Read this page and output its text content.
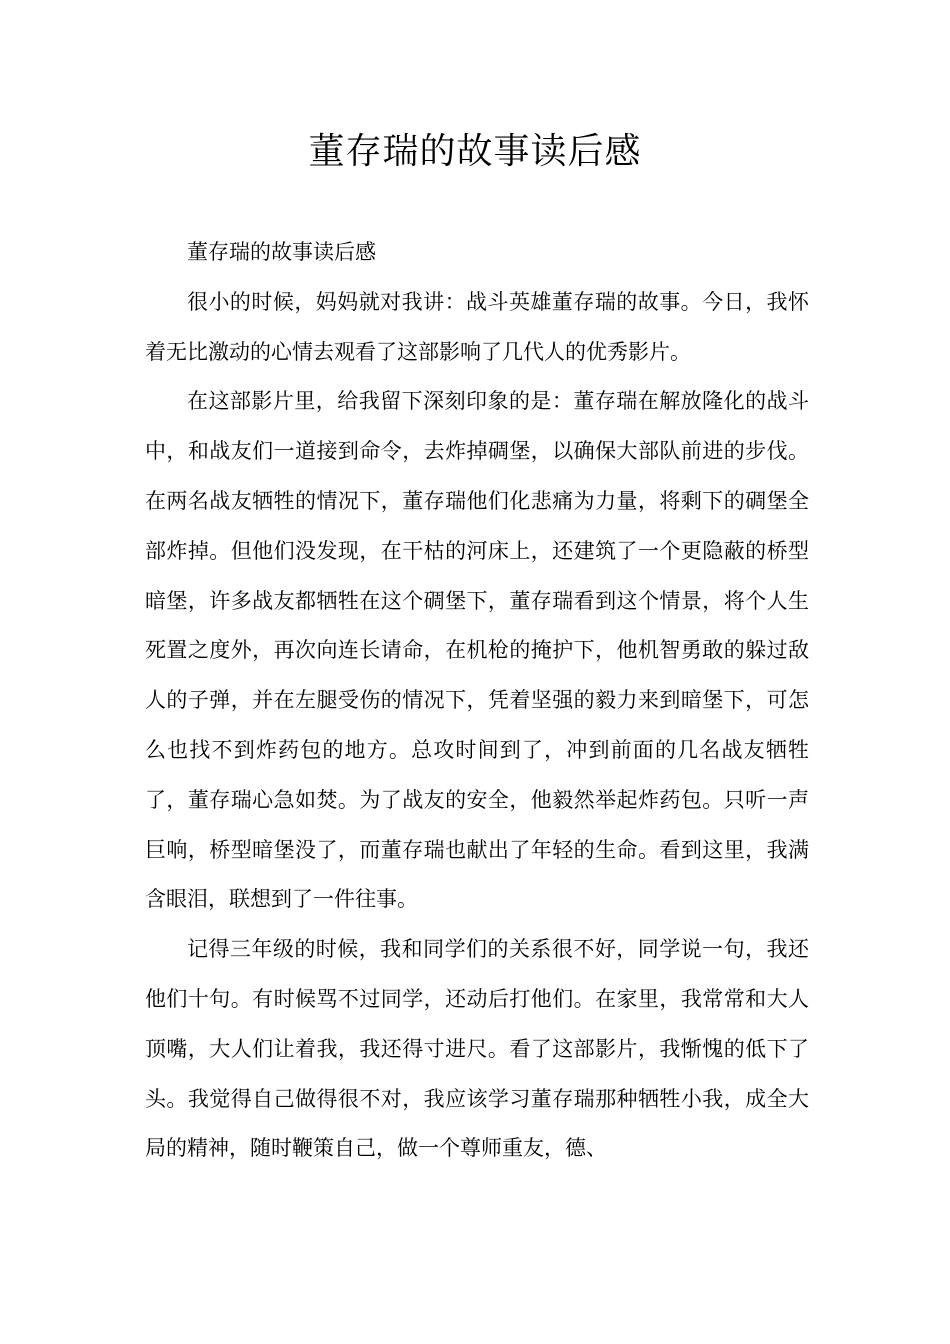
董存瑞的故事读后感

董存瑞的故事读后感

很小的时候，妈妈就对我讲：战斗英雄董存瑞的故事。今日，我怀着无比激动的心情去观看了这部影响了几代人的优秀影片。

在这部影片里，给我留下深刻印象的是：董存瑞在解放隆化的战斗中，和战友们一道接到命令，去炸掉碉堡，以确保大部队前进的步伐。在两名战友牺牲的情况下，董存瑞他们化悲痛为力量，将剩下的碉堡全部炸掉。但他们没发现，在干枯的河床上，还建筑了一个更隐蔽的桥型暗堡，许多战友都牺牲在这个碉堡下，董存瑞看到这个情景，将个人生死置之度外，再次向连长请命，在机枪的掩护下，他机智勇敢的躲过敌人的子弹，并在左腿受伤的情况下，凭着坚强的毅力来到暗堡下，可怎么也找不到炸药包的地方。总攻时间到了，冲到前面的几名战友牺牲了，董存瑞心急如焚。为了战友的安全，他毅然举起炸药包。只听一声巨响，桥型暗堡没了，而董存瑞也献出了年轻的生命。看到这里，我满含眼泪，联想到了一件往事。

记得三年级的时候，我和同学们的关系很不好，同学说一句，我还他们十句。有时候骂不过同学，还动后打他们。在家里，我常常和大人顶嘴，大人们让着我，我还得寸进尺。看了这部影片，我惭愧的低下了头。我觉得自己做得很不对，我应该学习董存瑞那种牺牲小我，成全大局的精神，随时鞭策自己，做一个尊师重友，德、
